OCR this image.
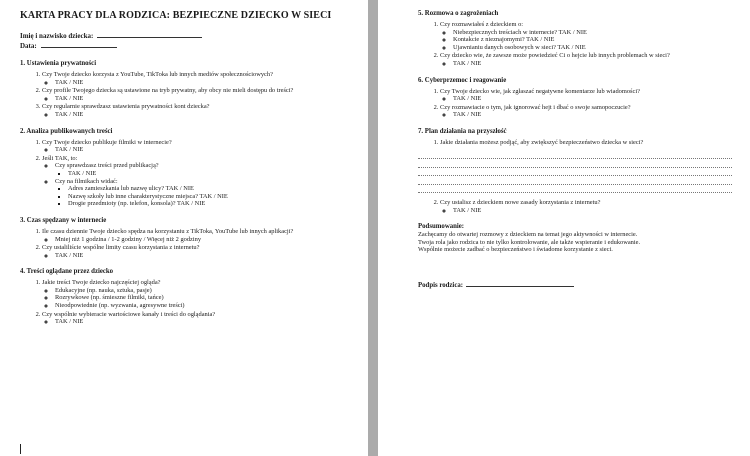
KARTA PRACY DLA RODZICA: BEZPIECZNE DZIECKO W SIECI
Imię i nazwisko dziecka:
Data:
1. Ustawienia prywatności
1. Czy Twoje dziecko korzysta z YouTube, TikToka lub innych mediów społecznościowych?
◦ TAK / NIE
2. Czy profile Twojego dziecka są ustawione na tryb prywatny, aby obcy nie mieli dostępu do treści?
◦ TAK / NIE
3. Czy regularnie sprawdzasz ustawienia prywatności kont dziecka?
◦ TAK / NIE
2. Analiza publikowanych treści
1. Czy Twoje dziecko publikuje filmiki w internecie?
◦ TAK / NIE
2. Jeśli TAK, to:
◦ Czy sprawdzasz treści przed publikacją?
▪ TAK / NIE
◦ Czy na filmikach widać:
▪ Adres zamieszkania lub nazwę ulicy? TAK / NIE
▪ Nazwę szkoły lub inne charakterystyczne miejsca? TAK / NIE
▪ Drogie przedmioty (np. telefon, konsola)? TAK / NIE
3. Czas spędzany w internecie
1. Ile czasu dziennie Twoje dziecko spędza na korzystaniu z TikToka, YouTube lub innych aplikacji?
◦ Mniej niż 1 godzina / 1-2 godziny / Więcej niż 2 godziny
2. Czy ustaliliście wspólne limity czasu korzystania z internetu?
◦ TAK / NIE
4. Treści oglądane przez dziecko
1. Jakie treści Twoje dziecko najczęściej ogląda?
◦ Edukacyjne (np. nauka, sztuka, pasje)
◦ Rozrywkowe (np. śmieszne filmiki, tańce)
◦ Nieodpowiednie (np. wyzwania, agresywne treści)
2. Czy wspólnie wybieracie wartościowe kanały i treści do oglądania?
◦ TAK / NIE
5. Rozmowa o zagrożeniach
1. Czy rozmawiałeś z dzieckiem o:
◦ Niebezpiecznych treściach w internecie? TAK / NIE
◦ Kontakcie z nieznajomymi? TAK / NIE
◦ Ujawnianiu danych osobowych w sieci? TAK / NIE
2. Czy dziecko wie, że zawsze może powiedzieć Ci o hejcie lub innych problemach w sieci?
◦ TAK / NIE
6. Cyberprzemoc i reagowanie
1. Czy Twoje dziecko wie, jak zgłaszać negatywne komentarze lub wiadomości?
◦ TAK / NIE
2. Czy rozmawiacie o tym, jak ignorować hejt i dbać o swoje samopoczucie?
◦ TAK / NIE
7. Plan działania na przyszłość
1. Jakie działania możesz podjąć, aby zwiększyć bezpieczeństwo dziecka w sieci?
2. Czy ustalisz z dzieckiem nowe zasady korzystania z internetu?
◦ TAK / NIE
Podsumowanie:
Zachęcamy do otwartej rozmowy z dzieckiem na temat jego aktywności w internecie.
Twoja rola jako rodzica to nie tylko kontrolowanie, ale także wspieranie i edukowanie.
Wspólnie możecie zadbać o bezpieczeństwo i świadome korzystanie z sieci.
Podpis rodzica:
